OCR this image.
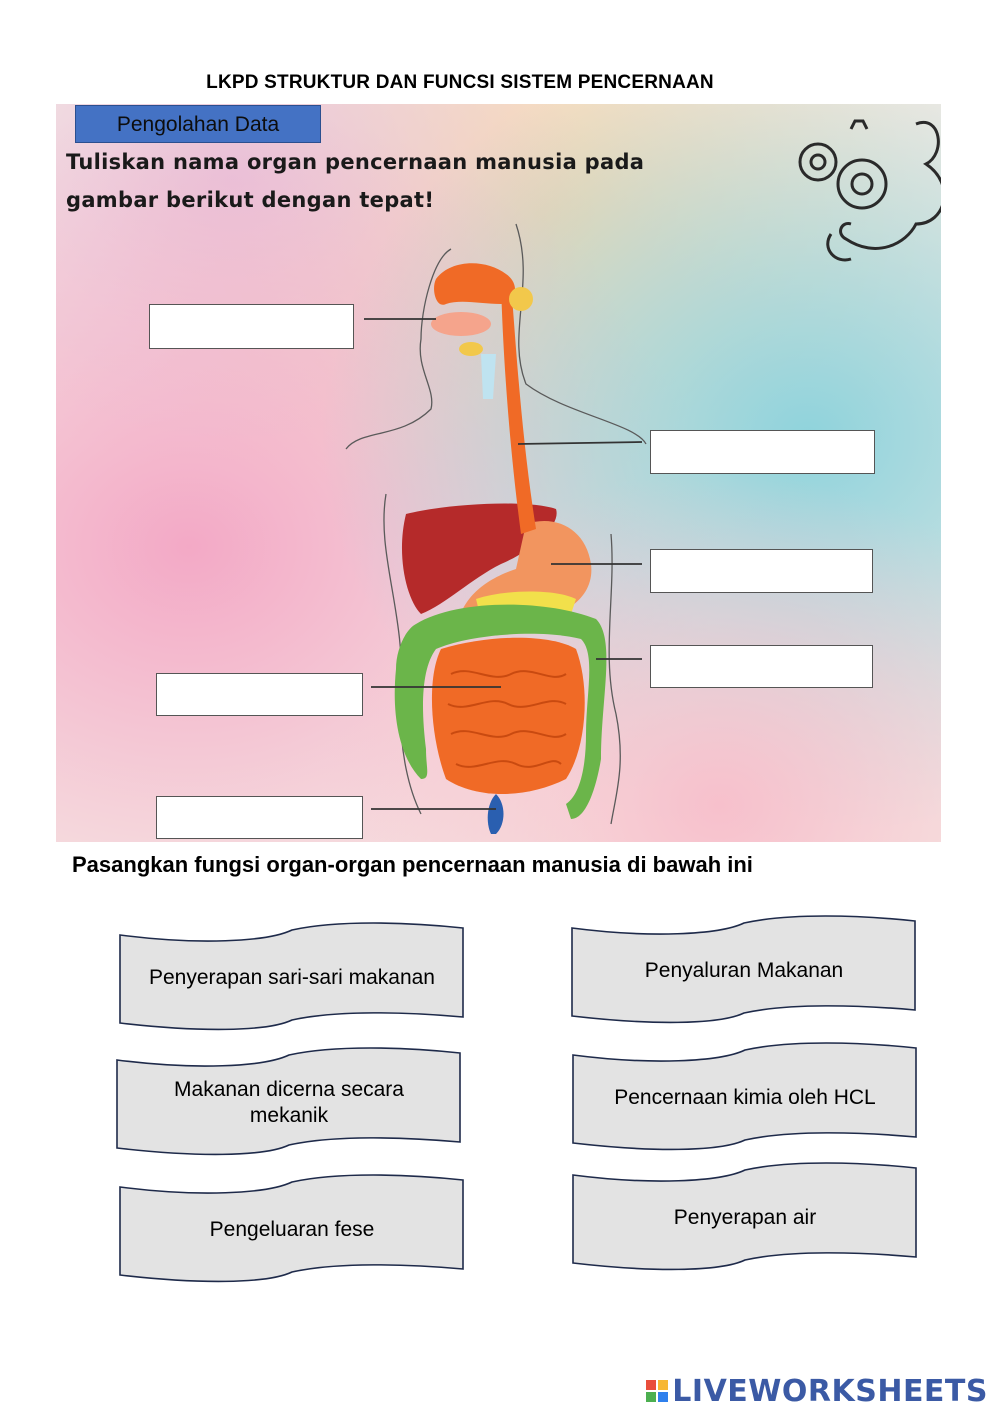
LKPD STRUKTUR DAN FUNCSI SISTEM PENCERNAAN
Pengolahan Data
Tuliskan nama organ pencernaan manusia pada
gambar berikut dengan tepat!
Pasangkan fungsi organ-organ pencernaan manusia di bawah ini
Penyerapan sari-sari makanan	Penyaluran Makanan
Makanan dicerna secara mekanik
Pencernaan kimia oleh HCL
Pengeluaran fese
Penyerapan air
LIVEWORKSHEETS
